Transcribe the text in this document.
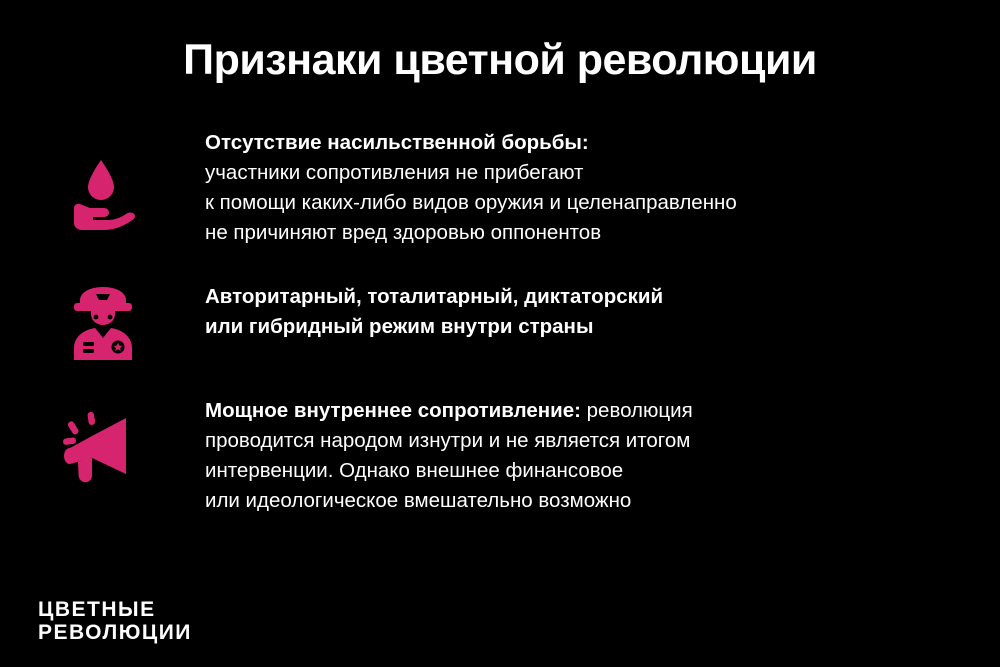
Признаки цветной революции
Отсутствие насильственной борьбы:
участники сопротивления не прибегают
к помощи каких-либо видов оружия и целенаправленно
не причиняют вред здоровью оппонентов
Авторитарный, тоталитарный, диктаторский
или гибридный режим внутри страны
Мощное внутреннее сопротивление: революция
проводится народом изнутри и не является итогом
интервенции. Однако внешнее финансовое
или идеологическое вмешательно возможно
ЦВЕТНЫЕ
РЕВОЛЮЦИИ
